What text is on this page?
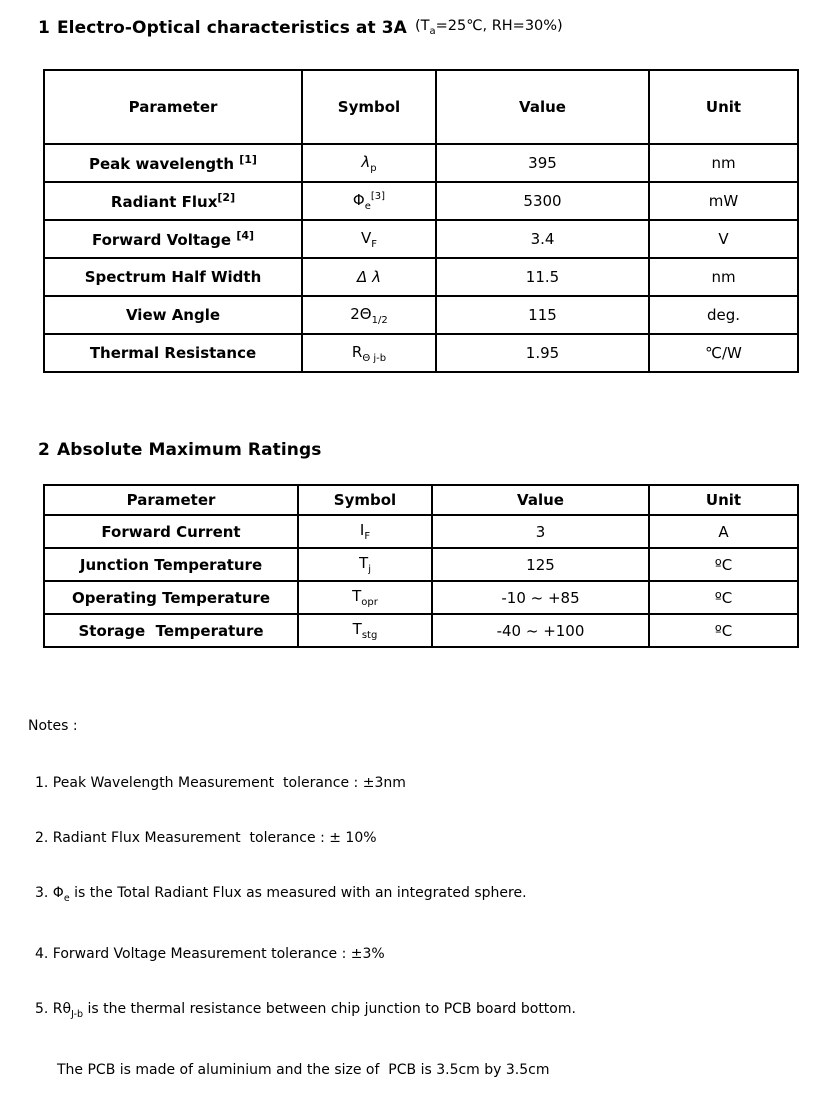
1 Electro-Optical characteristics at 3A ($T_a=25℃$, RH=30%)
Parameter	Symbol	Value	Unit
Peak wavelength [1]	$\lambda_p$	395	nm
Radiant Flux[2]	$\Phi_e[3]$	5300	mW
Forward Voltage [4]	$V_F$	3.4	V
Spectrum Half Width	Δ λ	11.5	nm
View Angle	$2\Theta_{1/2}$	115	deg.
Thermal Resistance	$R_{\Theta j-b}$	1.95	℃/W
2 Absolute Maximum Ratings
Parameter	Symbol	Value	Unit
Forward Current	$I_F$	3	A
Junction Temperature	$T_j$	125	ºC
Operating Temperature	$T_{opr}$	-10 ~ +85	ºC
Storage  Temperature	$T_{stg}$	-40 ~ +100	ºC

Notes :

1. Peak Wavelength Measurement  tolerance : ±3nm

2. Radiant Flux Measurement  tolerance : ± 10%

3. $\Phi_e$ is the Total Radiant Flux as measured with an integrated sphere.

4. Forward Voltage Measurement tolerance : ±3%

5. $R\theta_{J-b}$ is the thermal resistance between chip junction to PCB board bottom.

The PCB is made of aluminium and the size of  PCB is 3.5cm by 3.5cm
